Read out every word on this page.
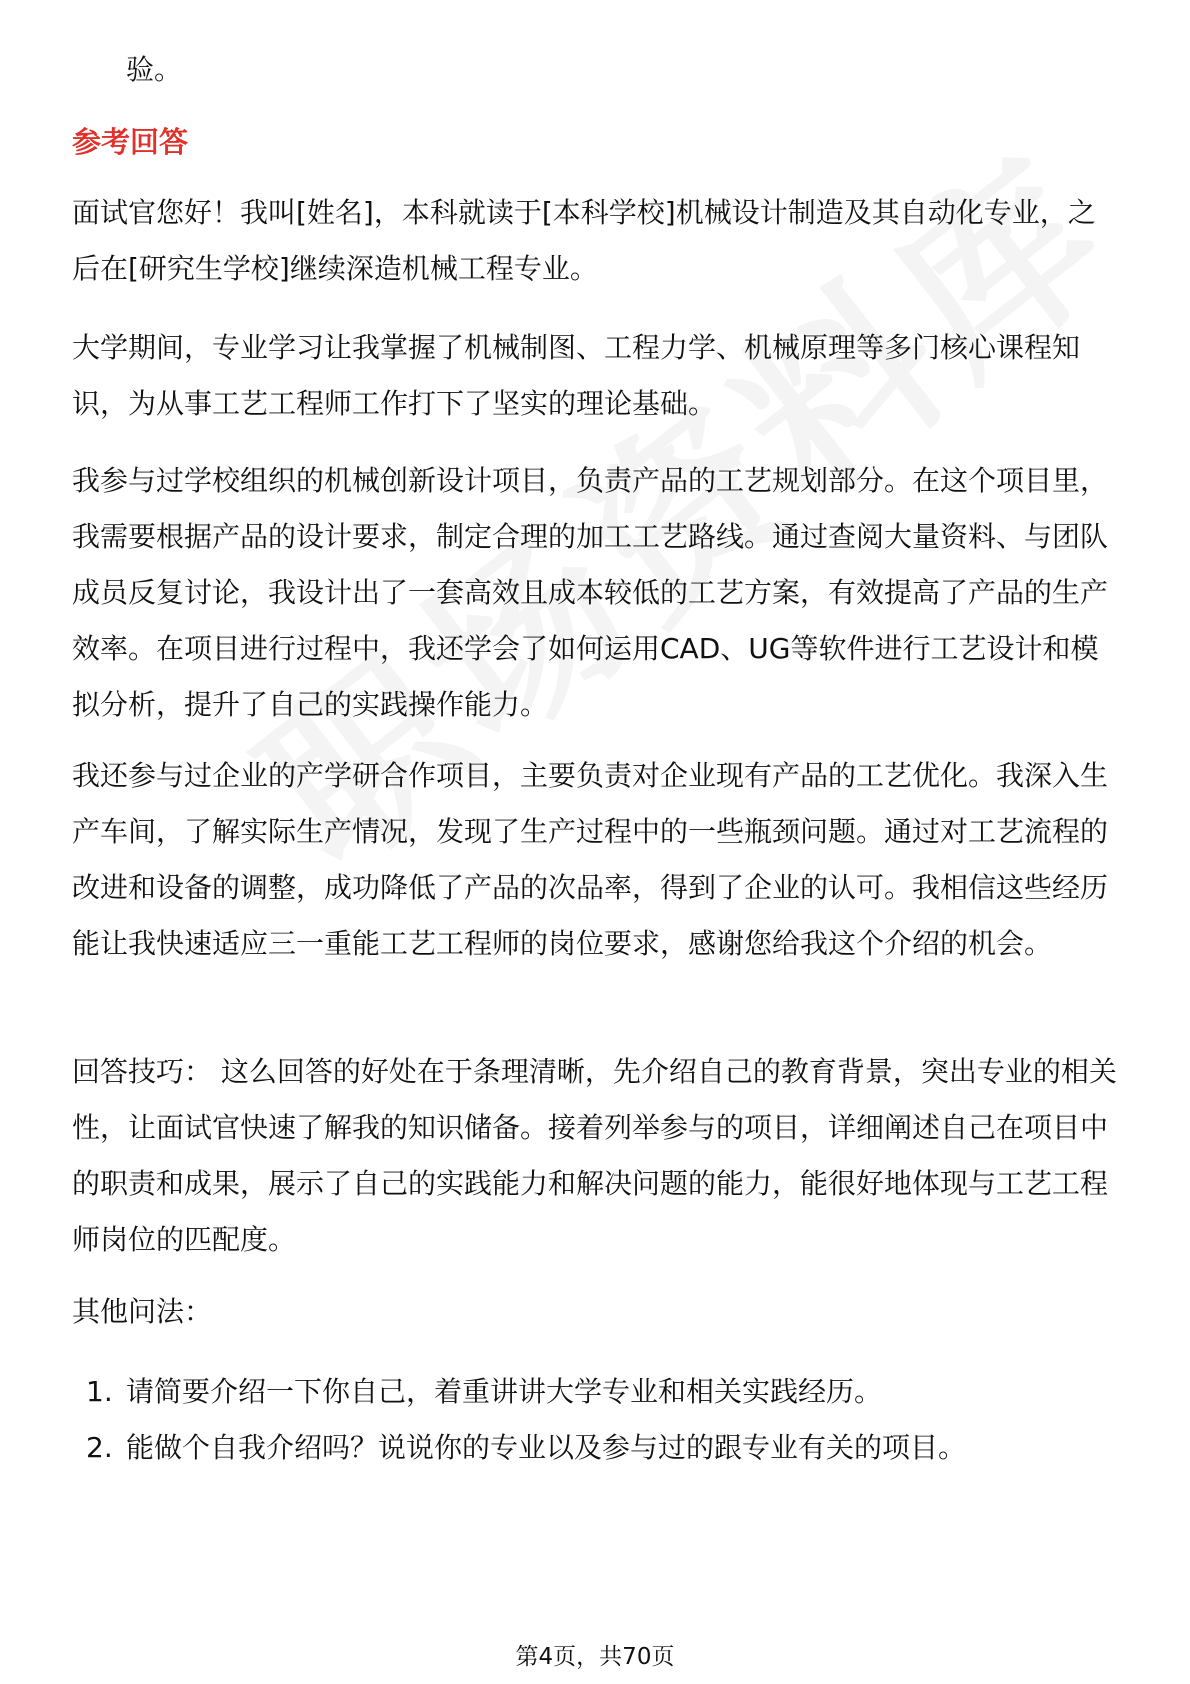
验。

参考回答

面试官您好！我叫[姓名]，本科就读于[本科学校]机械设计制造及其自动化专业，之后在[研究生学校]继续深造机械工程专业。

大学期间，专业学习让我掌握了机械制图、工程力学、机械原理等多门核心课程知识，为从事工艺工程师工作打下了坚实的理论基础。

我参与过学校组织的机械创新设计项目，负责产品的工艺规划部分。在这个项目里，我需要根据产品的设计要求，制定合理的加工工艺路线。通过查阅大量资料、与团队成员反复讨论，我设计出了一套高效且成本较低的工艺方案，有效提高了产品的生产效率。在项目进行过程中，我还学会了如何运用CAD、UG等软件进行工艺设计和模拟分析，提升了自己的实践操作能力。

我还参与过企业的产学研合作项目，主要负责对企业现有产品的工艺优化。我深入生产车间，了解实际生产情况，发现了生产过程中的一些瓶颈问题。通过对工艺流程的改进和设备的调整，成功降低了产品的次品率，得到了企业的认可。我相信这些经历能让我快速适应三一重能工艺工程师的岗位要求，感谢您给我这个介绍的机会。

回答技巧： 这么回答的好处在于条理清晰，先介绍自己的教育背景，突出专业的相关性，让面试官快速了解我的知识储备。接着列举参与的项目，详细阐述自己在项目中的职责和成果，展示了自己的实践能力和解决问题的能力，能很好地体现与工艺工程师岗位的匹配度。

其他问法：

1. 请简要介绍一下你自己，着重讲讲大学专业和相关实践经历。
2. 能做个自我介绍吗？说说你的专业以及参与过的跟专业有关的项目。
第4页，共70页
